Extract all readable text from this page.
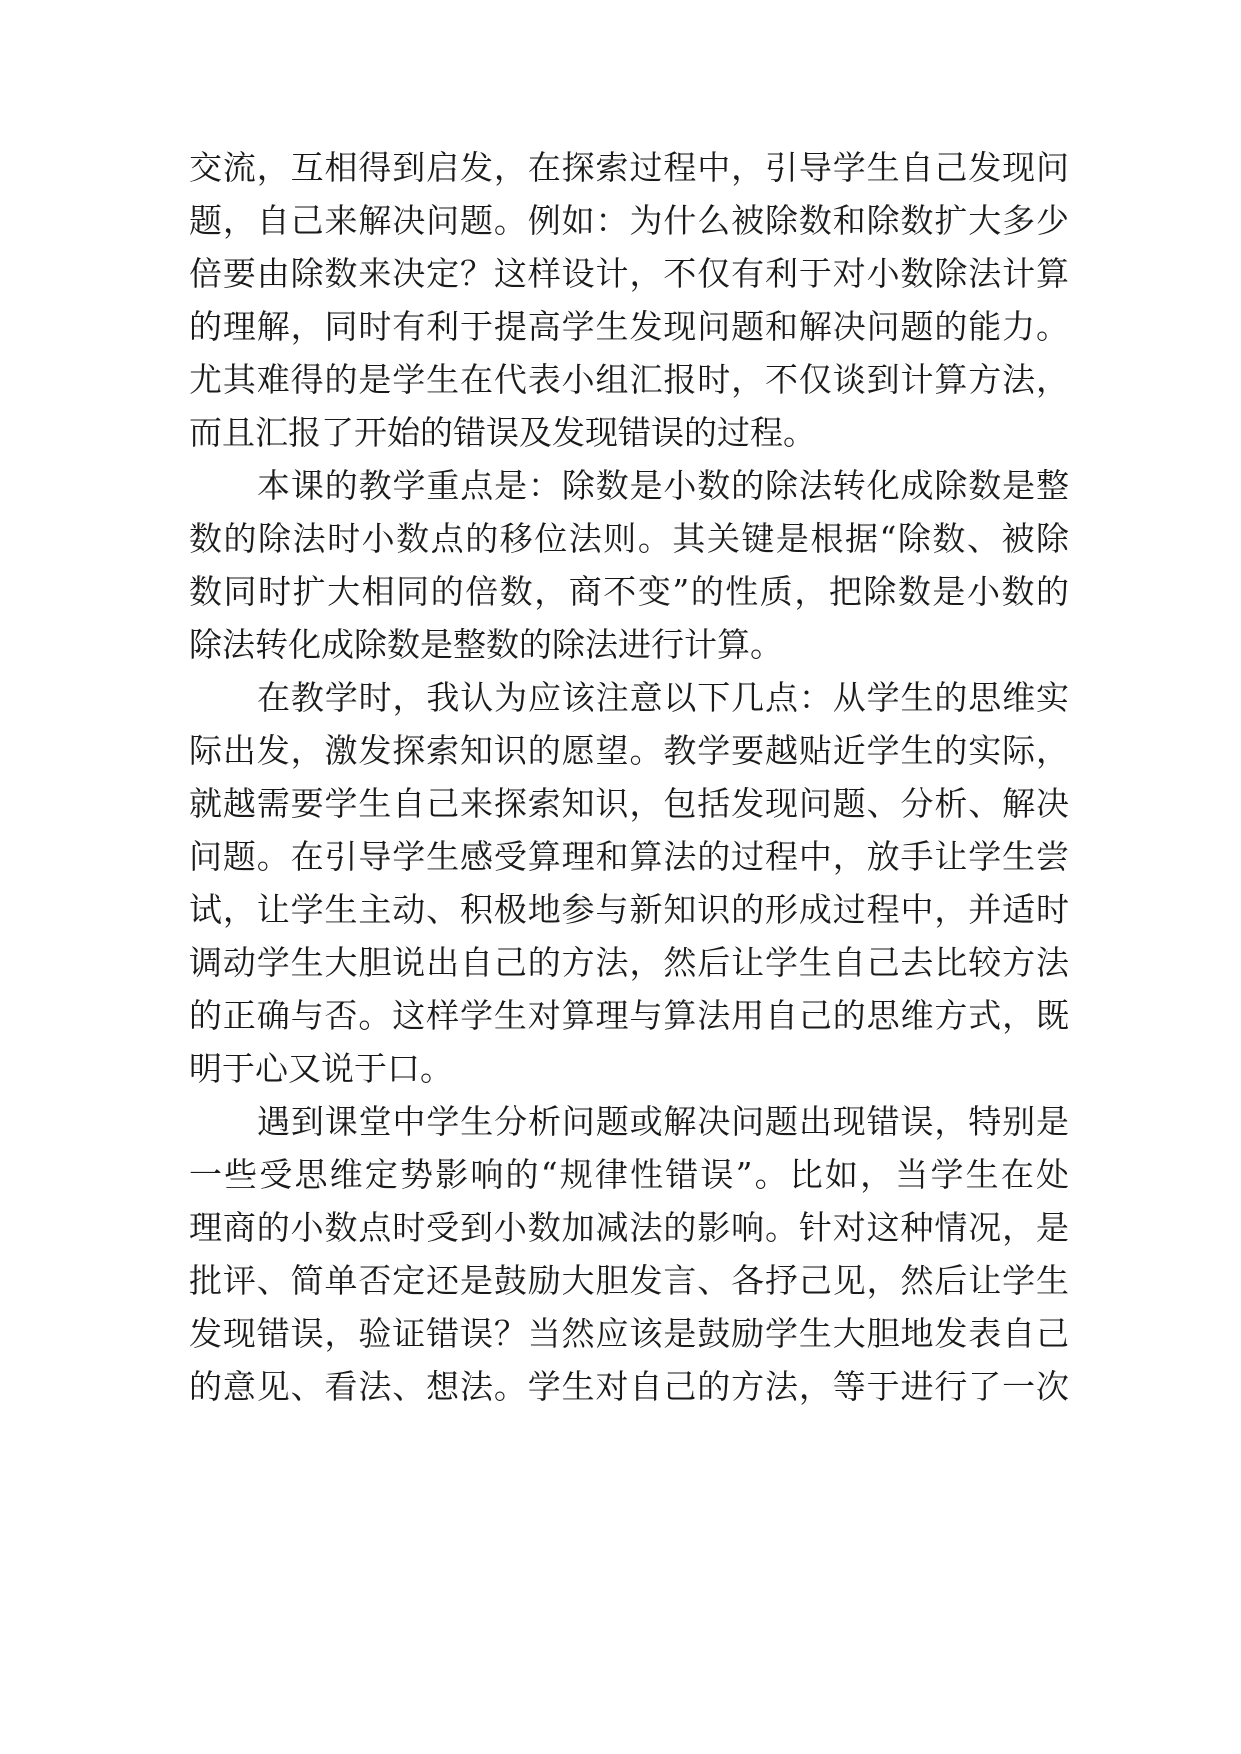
交流，互相得到启发，在探索过程中，引导学生自己发现问
题，自己来解决问题。例如：为什么被除数和除数扩大多少
倍要由除数来决定？这样设计，不仅有利于对小数除法计算
的理解，同时有利于提高学生发现问题和解决问题的能力。
尤其难得的是学生在代表小组汇报时，不仅谈到计算方法，
而且汇报了开始的错误及发现错误的过程。
本课的教学重点是：除数是小数的除法转化成除数是整
数的除法时小数点的移位法则。其关键是根据“除数、被除
数同时扩大相同的倍数，商不变”的性质，把除数是小数的
除法转化成除数是整数的除法进行计算。
在教学时，我认为应该注意以下几点：从学生的思维实
际出发，激发探索知识的愿望。教学要越贴近学生的实际，
就越需要学生自己来探索知识，包括发现问题、分析、解决
问题。在引导学生感受算理和算法的过程中，放手让学生尝
试，让学生主动、积极地参与新知识的形成过程中，并适时
调动学生大胆说出自己的方法，然后让学生自己去比较方法
的正确与否。这样学生对算理与算法用自己的思维方式，既
明于心又说于口。
遇到课堂中学生分析问题或解决问题出现错误，特别是
一些受思维定势影响的“规律性错误”。比如，当学生在处
理商的小数点时受到小数加减法的影响。针对这种情况，是
批评、简单否定还是鼓励大胆发言、各抒己见，然后让学生
发现错误，验证错误？当然应该是鼓励学生大胆地发表自己
的意见、看法、想法。学生对自己的方法，等于进行了一次
